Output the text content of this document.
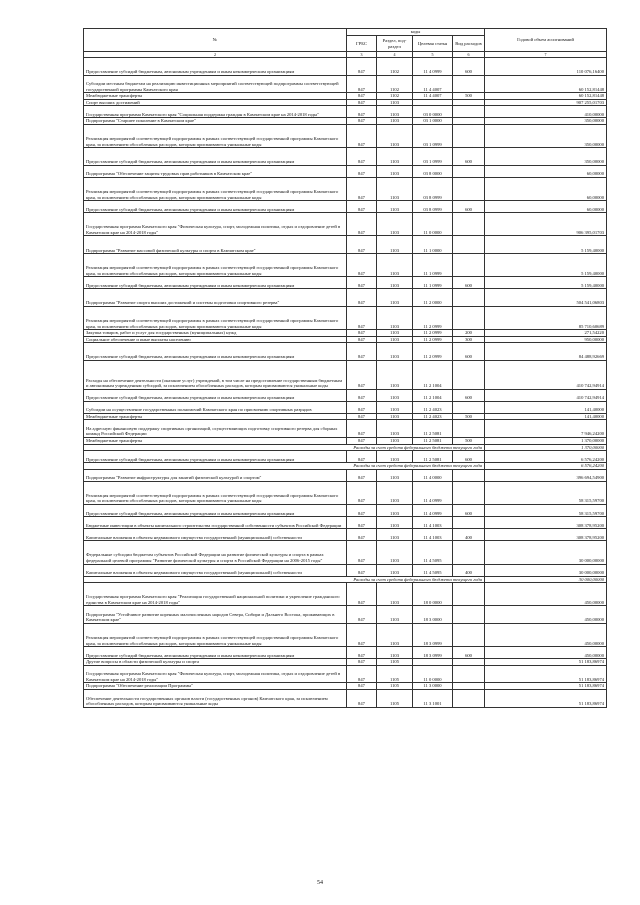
№	коды				Годовой объем ассигнований
	ГРБС	Раздел, под-раздел	Целевая статья	Вид расходов	
2	3	4	5	6	7
Предоставление субсидий бюджетным, автономным учреждениям и иным некоммерческим организациям	847	1102	11 4 0999	600	110 076,16400
Субсидии местным бюджетам на реализацию инвестиционных мероприятий соответствующей подпрограммы соответствующей государственной программы Камчатского края	847	1102	11 4 4007		60 152,81448
Межбюджетные трансферты	847	1102	11 4 4007	500	60 152,81448
Спорт высших достижений	847	1103			907 255,01703
Государственная программа Камчатского края "Социальная поддержка граждан в Камчатском крае на 2014-2018 годы"	847	1103	03 0 0000		410,00000
Подпрограмма "Старшее поколение в Камчатском крае"	847	1103	03 1 0000		350,00000
Реализация мероприятий соответствующей подпрограммы в рамках соответствующей государственной программы Камчатского края, за исключением обособленных расходов, которым присваиваются уникальные коды	847	1103	03 1 0999		350,00000
Предоставление субсидий бюджетным, автономным учреждениям и иным некоммерческим организациям	847	1103	03 1 0999	600	350,00000
Подпрограмма "Обеспечение защиты трудовых прав работников в Камчатском крае"	847	1103	03 8 0000		60,00000
Реализация мероприятий соответствующей подпрограммы в рамках соответствующей государственной программы Камчатского края, за исключением обособленных расходов, которым присваиваются уникальные коды	847	1103	03 8 0999		60,00000
Предоставление субсидий бюджетным, автономным учреждениям и иным некоммерческим организациям	847	1103	03 8 0999	600	60,00000
Государственная программа Камчатского края "Физическая культура, спорт, молодежная политика, отдых и оздоровление детей в Камчатском крае на 2014-2018 годы"	847	1103	11 0 0000		906 395,01703
Подпрограмма "Развитие массовой физической культуры и спорта в Камчатском крае"	847	1103	11 1 0000		5 159,40000
Реализация мероприятий соответствующей подпрограммы в рамках соответствующей государственной программы Камчатского края, за исключением обособленных расходов, которым присваиваются уникальные коды	847	1103	11 1 0999		5 159,40000
Предоставление субсидий бюджетным, автономным учреждениям и иным некоммерческим организациям	847	1103	11 1 0999	600	5 159,40000
Подпрограмма "Развитие спорта высших достижений и системы подготовки спортивного резерва"	847	1103	11 2 0000		504 541,06803
Реализация мероприятий соответствующей подпрограммы в рамках соответствующей государственной программы Камчатского края, за исключением обособленных расходов, которым присваиваются уникальные коды	847	1103	11 2 0999		85 710,60689
Закупка товаров, работ и услуг для государственных (муниципальных) нужд	847	1103	11 2 0999	200	271,54220
Социальное обеспечение и иные выплаты населению	847	1103	11 2 0999	300	950,00000
Предоставление субсидий бюджетным, автономным учреждениям и иным некоммерческим организациям	847	1103	11 2 0999	600	84 488,92669
Расходы на обеспечение деятельности (оказание услуг) учреждений, в том числе на предоставление государственным бюджетным и автономным учреждениям субсидий, за исключением обособленных расходов, которым присваиваются уникальные коды	847	1103	11 2 1004		410 742,94914
Предоставление субсидий бюджетным, автономным учреждениям и иным некоммерческим организациям	847	1103	11 2 1004	600	410 742,94914
Субсидии на осуществление государственных полномочий Камчатского края по присвоению спортивных разрядов	847	1103	11 2 4023		141,40000
Межбюджетные трансферты	847	1103	11 2 4023	500	141,40000
На адресную финансовую поддержку спортивных организаций, осуществляющих подготовку спортивного резерва для сборных команд Российской Федерации	847	1103	11 2 5081		7 946,24200
Межбюджетные трансферты	847	1103	11 2 5081	500	1 370,00000
Расходы за счет средств федерального бюджета текущего года					1 370,00000
Предоставление субсидий бюджетным, автономным учреждениям и иным некоммерческим организациям	847	1103	11 2 5081	600	6 576,24200
Расходы за счет средств федерального бюджета текущего года					6 576,24200
Подпрограмма "Развитие инфраструктуры для занятий физической культурой и спортом"	847	1103	11 4 0000		396 694,54900
Реализация мероприятий соответствующей подпрограммы в рамках соответствующей государственной программы Камчатского края, за исключением обособленных расходов, которым присваиваются уникальные коды	847	1103	11 4 0999		58 315,59700
Предоставление субсидий бюджетным, автономным учреждениям и иным некоммерческим организациям	847	1103	11 4 0999	600	58 315,59700
Бюджетные инвестиции в объекты капитального строительства государственной собственности субъектов Российской Федерации	847	1103	11 4 1003		308 378,95200
Капитальные вложения в объекты недвижимого имущества государственной (муниципальной) собственности	847	1103	11 4 1003	400	308 378,95200
Федеральные субсидии бюджетам субъектов Российской Федерации на развитие физической культуры и спорта в рамках федеральной целевой программы "Развитие физической культуры и спорта в Российской Федерации на 2006-2015 годы"	847	1103	11 4 5095		30 000,00000
Капитальные вложения в объекты недвижимого имущества государственной (муниципальной) собственности	847	1103	11 4 5095	400	30 000,00000
Расходы за счет средств федерального бюджета текущего года					30 000,00000
Государственная программа Камчатского края "Реализация государственной национальной политики и укрепление гражданского единства в Камчатском крае на 2014-2018 годы"	847	1103	18 0 0000		450,00000
Подпрограмма "Устойчивое развитие коренных малочисленных народов Севера, Сибири и Дальнего Востока, проживающих в Камчатском крае"	847	1103	18 3 0000		450,00000
Реализация мероприятий соответствующей подпрограммы в рамках соответствующей государственной программы Камчатского края, за исключением обособленных расходов, которым присваиваются уникальные коды	847	1103	18 3 0999		450,00000
Предоставление субсидий бюджетным, автономным учреждениям и иным некоммерческим организациям	847	1103	18 3 0999	600	450,00000
Другие вопросы в области физической культуры и спорта	847	1105			51 183,86974
Государственная программа Камчатского края "Физическая культура, спорт, молодежная политика, отдых и оздоровление детей в Камчатском крае на 2014-2018 годы"	847	1105	11 0 0000		51 183,86974
Подпрограмма "Обеспечение реализации Программы"	847	1105	11 3 0000		51 183,86974
Обеспечение деятельности государственных органов власти (государственных органов) Камчатского края, за исключением обособленных расходов, которым присваиваются уникальные коды	847	1105	11 3 1001		51 183,86974
54
